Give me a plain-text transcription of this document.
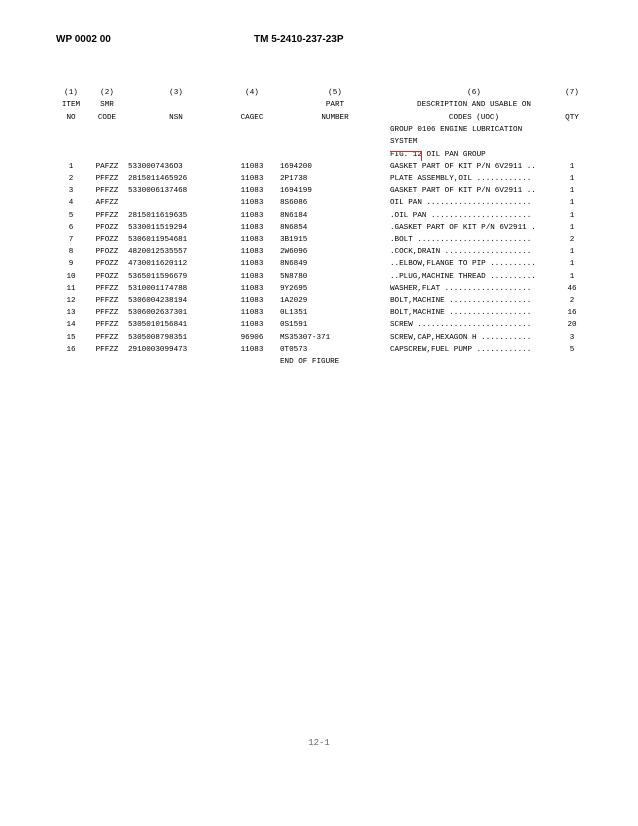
WP 0002 00	TM 5-2410-237-23P
(1)	(2)	(3)	(4)	(5)	(6)	(7)
ITEM	SMR			PART	DESCRIPTION AND USABLE ON	
NO	CODE	NSN	CAGEC	NUMBER	CODES (UOC)	QTY
					GROUP 0106 ENGINE LUBRICATION	
					SYSTEM	

FIG. 12 OIL PAN GROUP	
1	PAFZZ	5330007436O3	11083	1694200	GASKET PART OF KIT P/N 6V2911 ..	1
2	PFFZZ	2815011465926	11083	2P1738	PLATE ASSEMBLY,OIL ............	1
3	PFFZZ	5330006137468	11083	1694199	GASKET PART OF KIT P/N 6V2911 ..	1
4	AFFZZ		11083	8S6086	OIL PAN .......................	1
5	PFFZZ	2815011619635	11083	8N6184	.OIL PAN ......................	1
6	PFOZZ	5330011519294	11083	8N6854	.GASKET PART OF KIT P/N 6V2911 .	1
7	PFOZZ	5306011954681	11083	3B1915	.BOLT .........................	2
8	PFOZZ	4820012535557	11083	2W6096	.COCK,DRAIN ...................	1
9	PFOZZ	4730011620112	11083	8N6849	..ELBOW,FLANGE TO PIP ..........	1
10	PFOZZ	5365011596679	11083	5N8780	..PLUG,MACHINE THREAD ..........	1
11	PFFZZ	5310001174788	11083	9Y2695	WASHER,FLAT ...................	46
12	PFFZZ	5306004238194	11083	1A2029	BOLT,MACHINE ..................	2
13	PFFZZ	5306002637301	11083	0L1351	BOLT,MACHINE ..................	16
14	PFFZZ	5305010156841	11083	0S1591	SCREW .........................	20
15	PFFZZ	5305008798351	96906	MS35307-371	SCREW,CAP,HEXAGON H ...........	3
16	PFFZZ	2910003099473	11083	0T0573	CAPSCREW,FUEL PUMP ............	5
				END OF FIGURE		
12-1
